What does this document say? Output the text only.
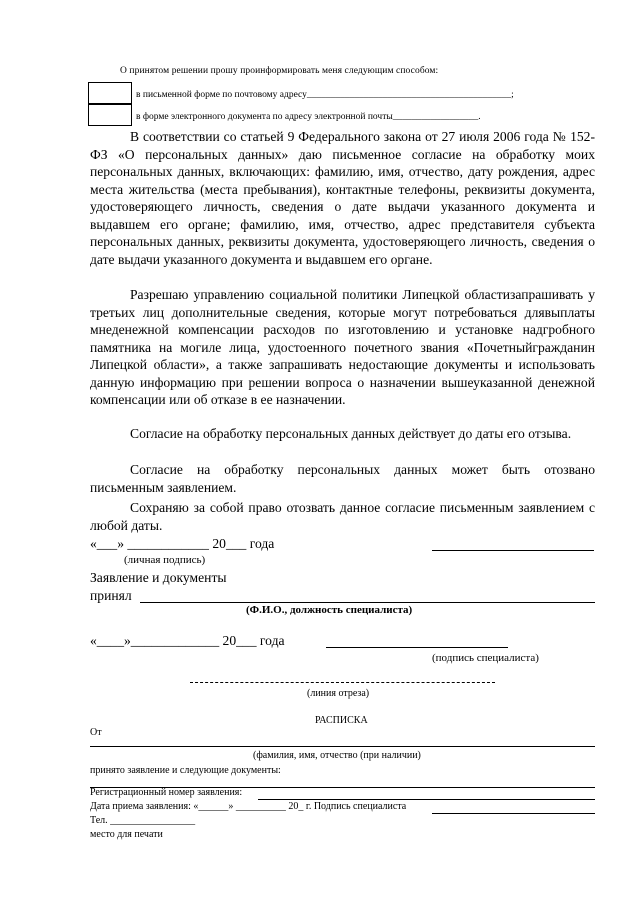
О принятом решении прошу проинформировать меня следующим способом:
в письменной форме по почтовому адресу___________________________________________;
в форме электронного документа по адресу электронной почты__________________.

В соответствии со статьей 9 Федерального закона от 27 июля 2006 года № 152-ФЗ «О персональных данных» даю письменное согласие на обработку моих персональных данных, включающих: фамилию, имя, отчество, дату рождения, адрес места жительства (места пребывания), контактные телефоны, реквизиты документа, удостоверяющего личность, сведения о дате выдачи указанного документа и выдавшем его органе; фамилию, имя, отчество, адрес представителя субъекта персональных данных, реквизиты документа, удостоверяющего личность, сведения о дате выдачи указанного документа и выдавшем его органе.

Разрешаю управлению социальной политики Липецкой областизапрашивать у третьих лиц дополнительные сведения, которые могут потребоваться длявыплаты мнеденежной компенсации расходов по изготовлению и установке надгробного памятника на могиле лица, удостоенного почетного звания «Почетныйгражданин Липецкой области», а также запрашивать недостающие документы и использовать данную информацию при решении вопроса о назначении вышеуказанной денежной компенсации или об отказе в ее назначении.

Согласие на обработку персональных данных действует до даты его отзыва.

Согласие на обработку персональных данных может быть отозвано письменным заявлением.

Сохраняю за собой право отозвать данное согласие письменным заявлением с любой даты.

«___» ____________ 20___ года
(личная подпись)
Заявление и документы
принял
(Ф.И.О., должность специалиста)
«____»_____________ 20___ года
(подпись специалиста)
(линия отреза)
РАСПИСКА
От
(фамилия, имя, отчество (при наличии)
принято заявление и следующие документы:
Регистрационный номер заявления:
Дата приема заявления: «______» __________ 20_ г. Подпись специалиста
Тел. _________________
место для печати
